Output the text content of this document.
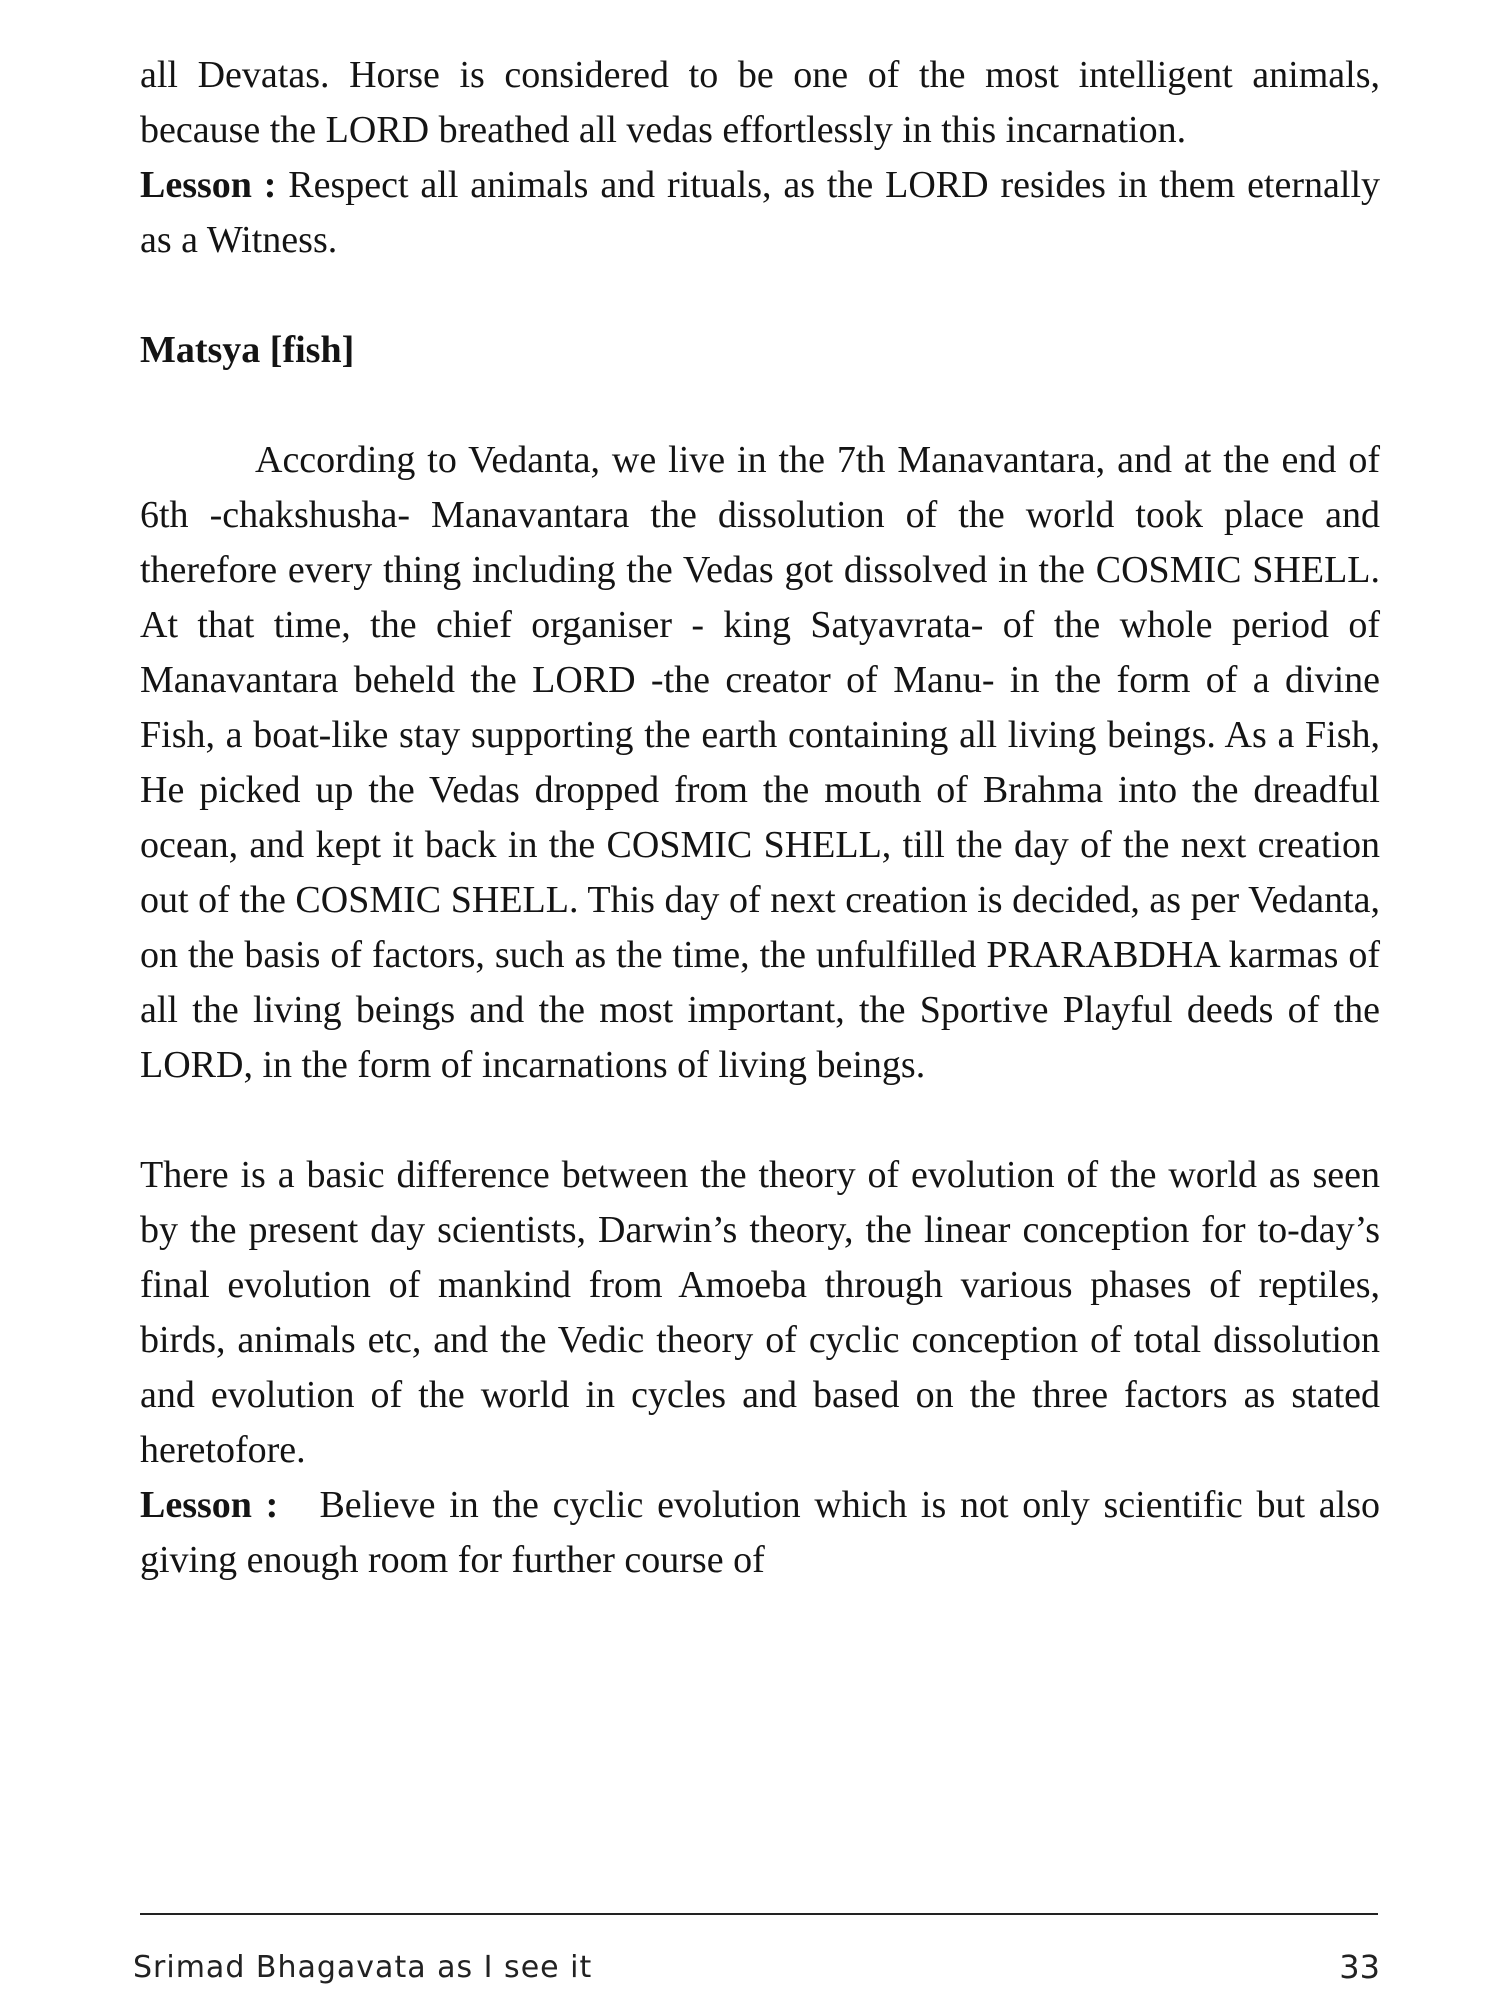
all Devatas. Horse is considered to be one of the most intelligent animals, because the LORD breathed all vedas effortlessly in this incarnation.

Lesson : Respect all animals and rituals, as the LORD resides in them eternally as a Witness.

Matsya [fish]

According to Vedanta, we live in the 7th Manavantara, and at the end of 6th -chakshusha- Manavantara the dissolution of the world took place and therefore every thing including the Vedas got dissolved in the COSMIC SHELL. At that time, the chief organiser - king Satyavrata- of the whole period of Manavantara beheld the LORD -the creator of Manu- in the form of a divine Fish, a boat-like stay supporting the earth containing all living beings. As a Fish, He picked up the Vedas dropped from the mouth of Brahma into the dreadful ocean, and kept it back in the COSMIC SHELL, till the day of the next creation out of the COSMIC SHELL. This day of next creation is decided, as per Vedanta, on the basis of factors, such as the time, the unfulfilled PRARABDHA karmas of all the living beings and the most important, the Sportive Playful deeds of the LORD, in the form of incarnations of living beings.

There is a basic difference between the theory of evolution of the world as seen by the present day scientists, Darwin’s theory, the linear conception for to-day’s final evolution of mankind from Amoeba through various phases of reptiles, birds, animals etc, and the Vedic theory of cyclic conception of total dissolution and evolution of the world in cycles and based on the three factors as stated heretofore.

Lesson :   Believe in the cyclic evolution which is not only scientific but also giving enough room for further course of

Srimad Bhagavata as I see it	33
